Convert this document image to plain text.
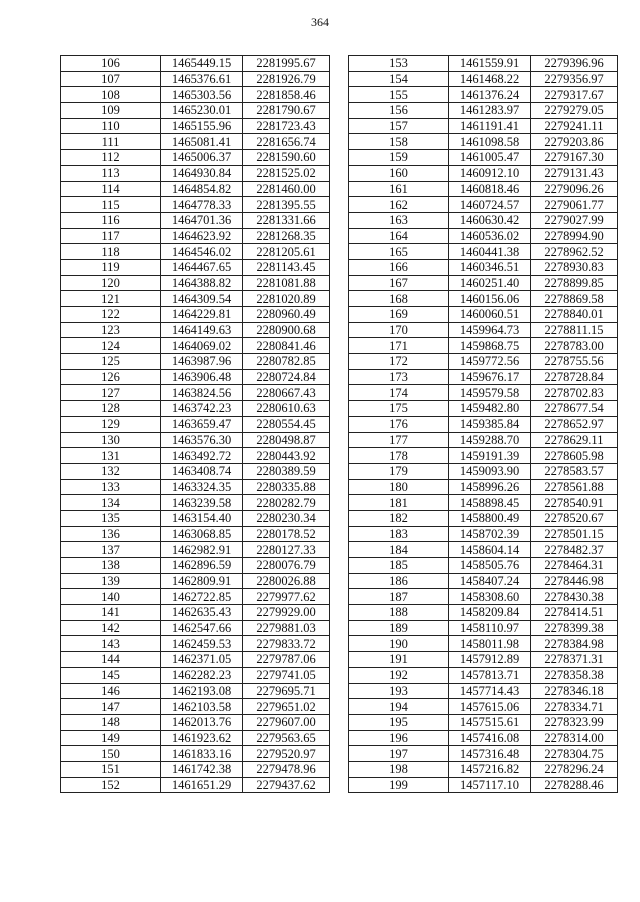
364
106	1465449.15	2281995.67
107	1465376.61	2281926.79
108	1465303.56	2281858.46
109	1465230.01	2281790.67
110	1465155.96	2281723.43
111	1465081.41	2281656.74
112	1465006.37	2281590.60
113	1464930.84	2281525.02
114	1464854.82	2281460.00
115	1464778.33	2281395.55
116	1464701.36	2281331.66
117	1464623.92	2281268.35
118	1464546.02	2281205.61
119	1464467.65	2281143.45
120	1464388.82	2281081.88
121	1464309.54	2281020.89
122	1464229.81	2280960.49
123	1464149.63	2280900.68
124	1464069.02	2280841.46
125	1463987.96	2280782.85
126	1463906.48	2280724.84
127	1463824.56	2280667.43
128	1463742.23	2280610.63
129	1463659.47	2280554.45
130	1463576.30	2280498.87
131	1463492.72	2280443.92
132	1463408.74	2280389.59
133	1463324.35	2280335.88
134	1463239.58	2280282.79
135	1463154.40	2280230.34
136	1463068.85	2280178.52
137	1462982.91	2280127.33
138	1462896.59	2280076.79
139	1462809.91	2280026.88
140	1462722.85	2279977.62
141	1462635.43	2279929.00
142	1462547.66	2279881.03
143	1462459.53	2279833.72
144	1462371.05	2279787.06
145	1462282.23	2279741.05
146	1462193.08	2279695.71
147	1462103.58	2279651.02
148	1462013.76	2279607.00
149	1461923.62	2279563.65
150	1461833.16	2279520.97
151	1461742.38	2279478.96
152	1461651.29	2279437.62
153	1461559.91	2279396.96
154	1461468.22	2279356.97
155	1461376.24	2279317.67
156	1461283.97	2279279.05
157	1461191.41	2279241.11
158	1461098.58	2279203.86
159	1461005.47	2279167.30
160	1460912.10	2279131.43
161	1460818.46	2279096.26
162	1460724.57	2279061.77
163	1460630.42	2279027.99
164	1460536.02	2278994.90
165	1460441.38	2278962.52
166	1460346.51	2278930.83
167	1460251.40	2278899.85
168	1460156.06	2278869.58
169	1460060.51	2278840.01
170	1459964.73	2278811.15
171	1459868.75	2278783.00
172	1459772.56	2278755.56
173	1459676.17	2278728.84
174	1459579.58	2278702.83
175	1459482.80	2278677.54
176	1459385.84	2278652.97
177	1459288.70	2278629.11
178	1459191.39	2278605.98
179	1459093.90	2278583.57
180	1458996.26	2278561.88
181	1458898.45	2278540.91
182	1458800.49	2278520.67
183	1458702.39	2278501.15
184	1458604.14	2278482.37
185	1458505.76	2278464.31
186	1458407.24	2278446.98
187	1458308.60	2278430.38
188	1458209.84	2278414.51
189	1458110.97	2278399.38
190	1458011.98	2278384.98
191	1457912.89	2278371.31
192	1457813.71	2278358.38
193	1457714.43	2278346.18
194	1457615.06	2278334.71
195	1457515.61	2278323.99
196	1457416.08	2278314.00
197	1457316.48	2278304.75
198	1457216.82	2278296.24
199	1457117.10	2278288.46
